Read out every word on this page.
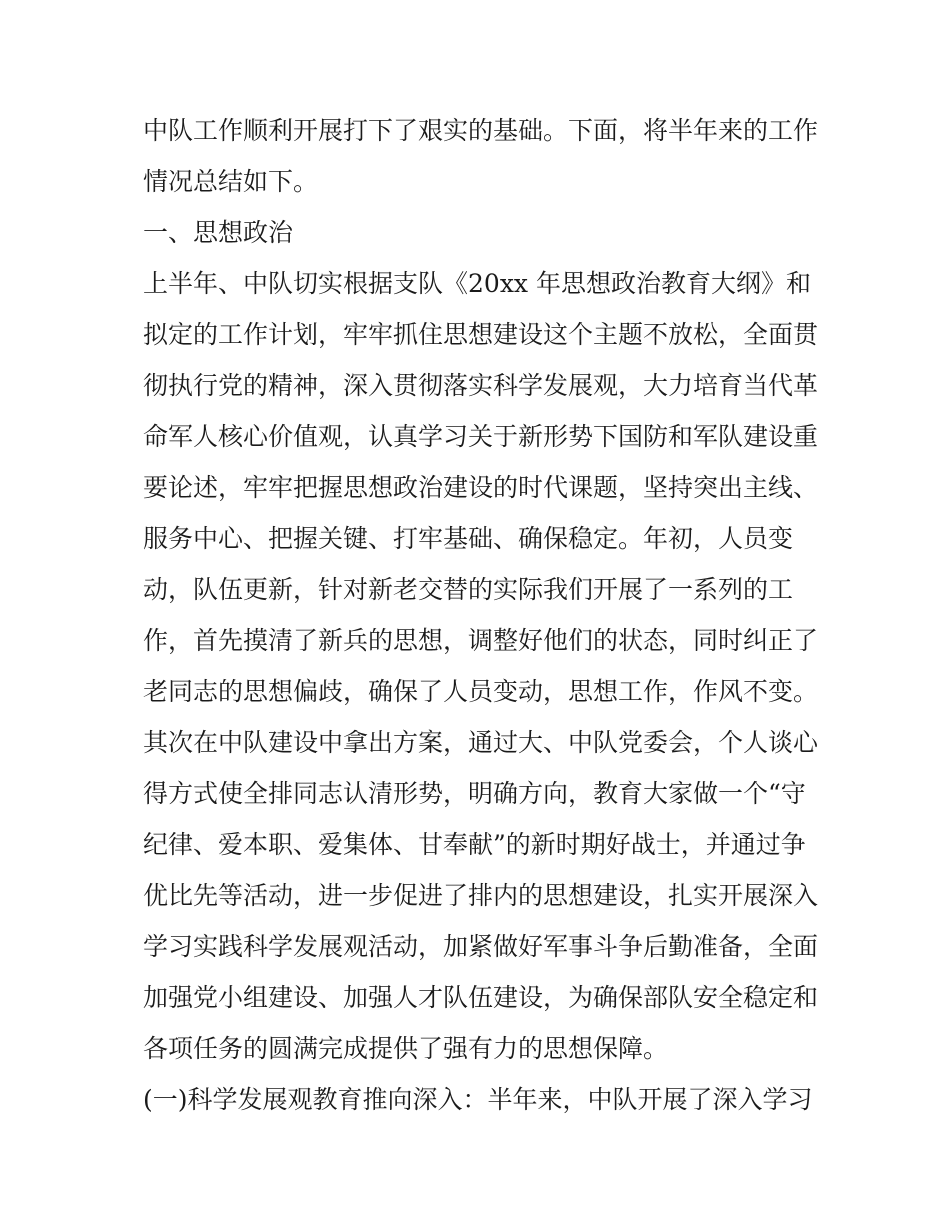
中队工作顺利开展打下了艰实的基础。下面，将半年来的工作
情况总结如下。
一、思想政治
上半年、中队切实根据支队《20xx 年思想政治教育大纲》和
拟定的工作计划，牢牢抓住思想建设这个主题不放松，全面贯
彻执行党的精神，深入贯彻落实科学发展观，大力培育当代革
命军人核心价值观，认真学习关于新形势下国防和军队建设重
要论述，牢牢把握思想政治建设的时代课题，坚持突出主线、
服务中心、把握关键、打牢基础、确保稳定。年初，人员变
动，队伍更新，针对新老交替的实际我们开展了一系列的工
作，首先摸清了新兵的思想，调整好他们的状态，同时纠正了
老同志的思想偏歧，确保了人员变动，思想工作，作风不变。
其次在中队建设中拿出方案，通过大、中队党委会，个人谈心
得方式使全排同志认清形势，明确方向，教育大家做一个“守
纪律、爱本职、爱集体、甘奉献”的新时期好战士，并通过争
优比先等活动，进一步促进了排内的思想建设，扎实开展深入
学习实践科学发展观活动，加紧做好军事斗争后勤准备，全面
加强党小组建设、加强人才队伍建设，为确保部队安全稳定和
各项任务的圆满完成提供了强有力的思想保障。
(一)科学发展观教育推向深入：半年来，中队开展了深入学习
